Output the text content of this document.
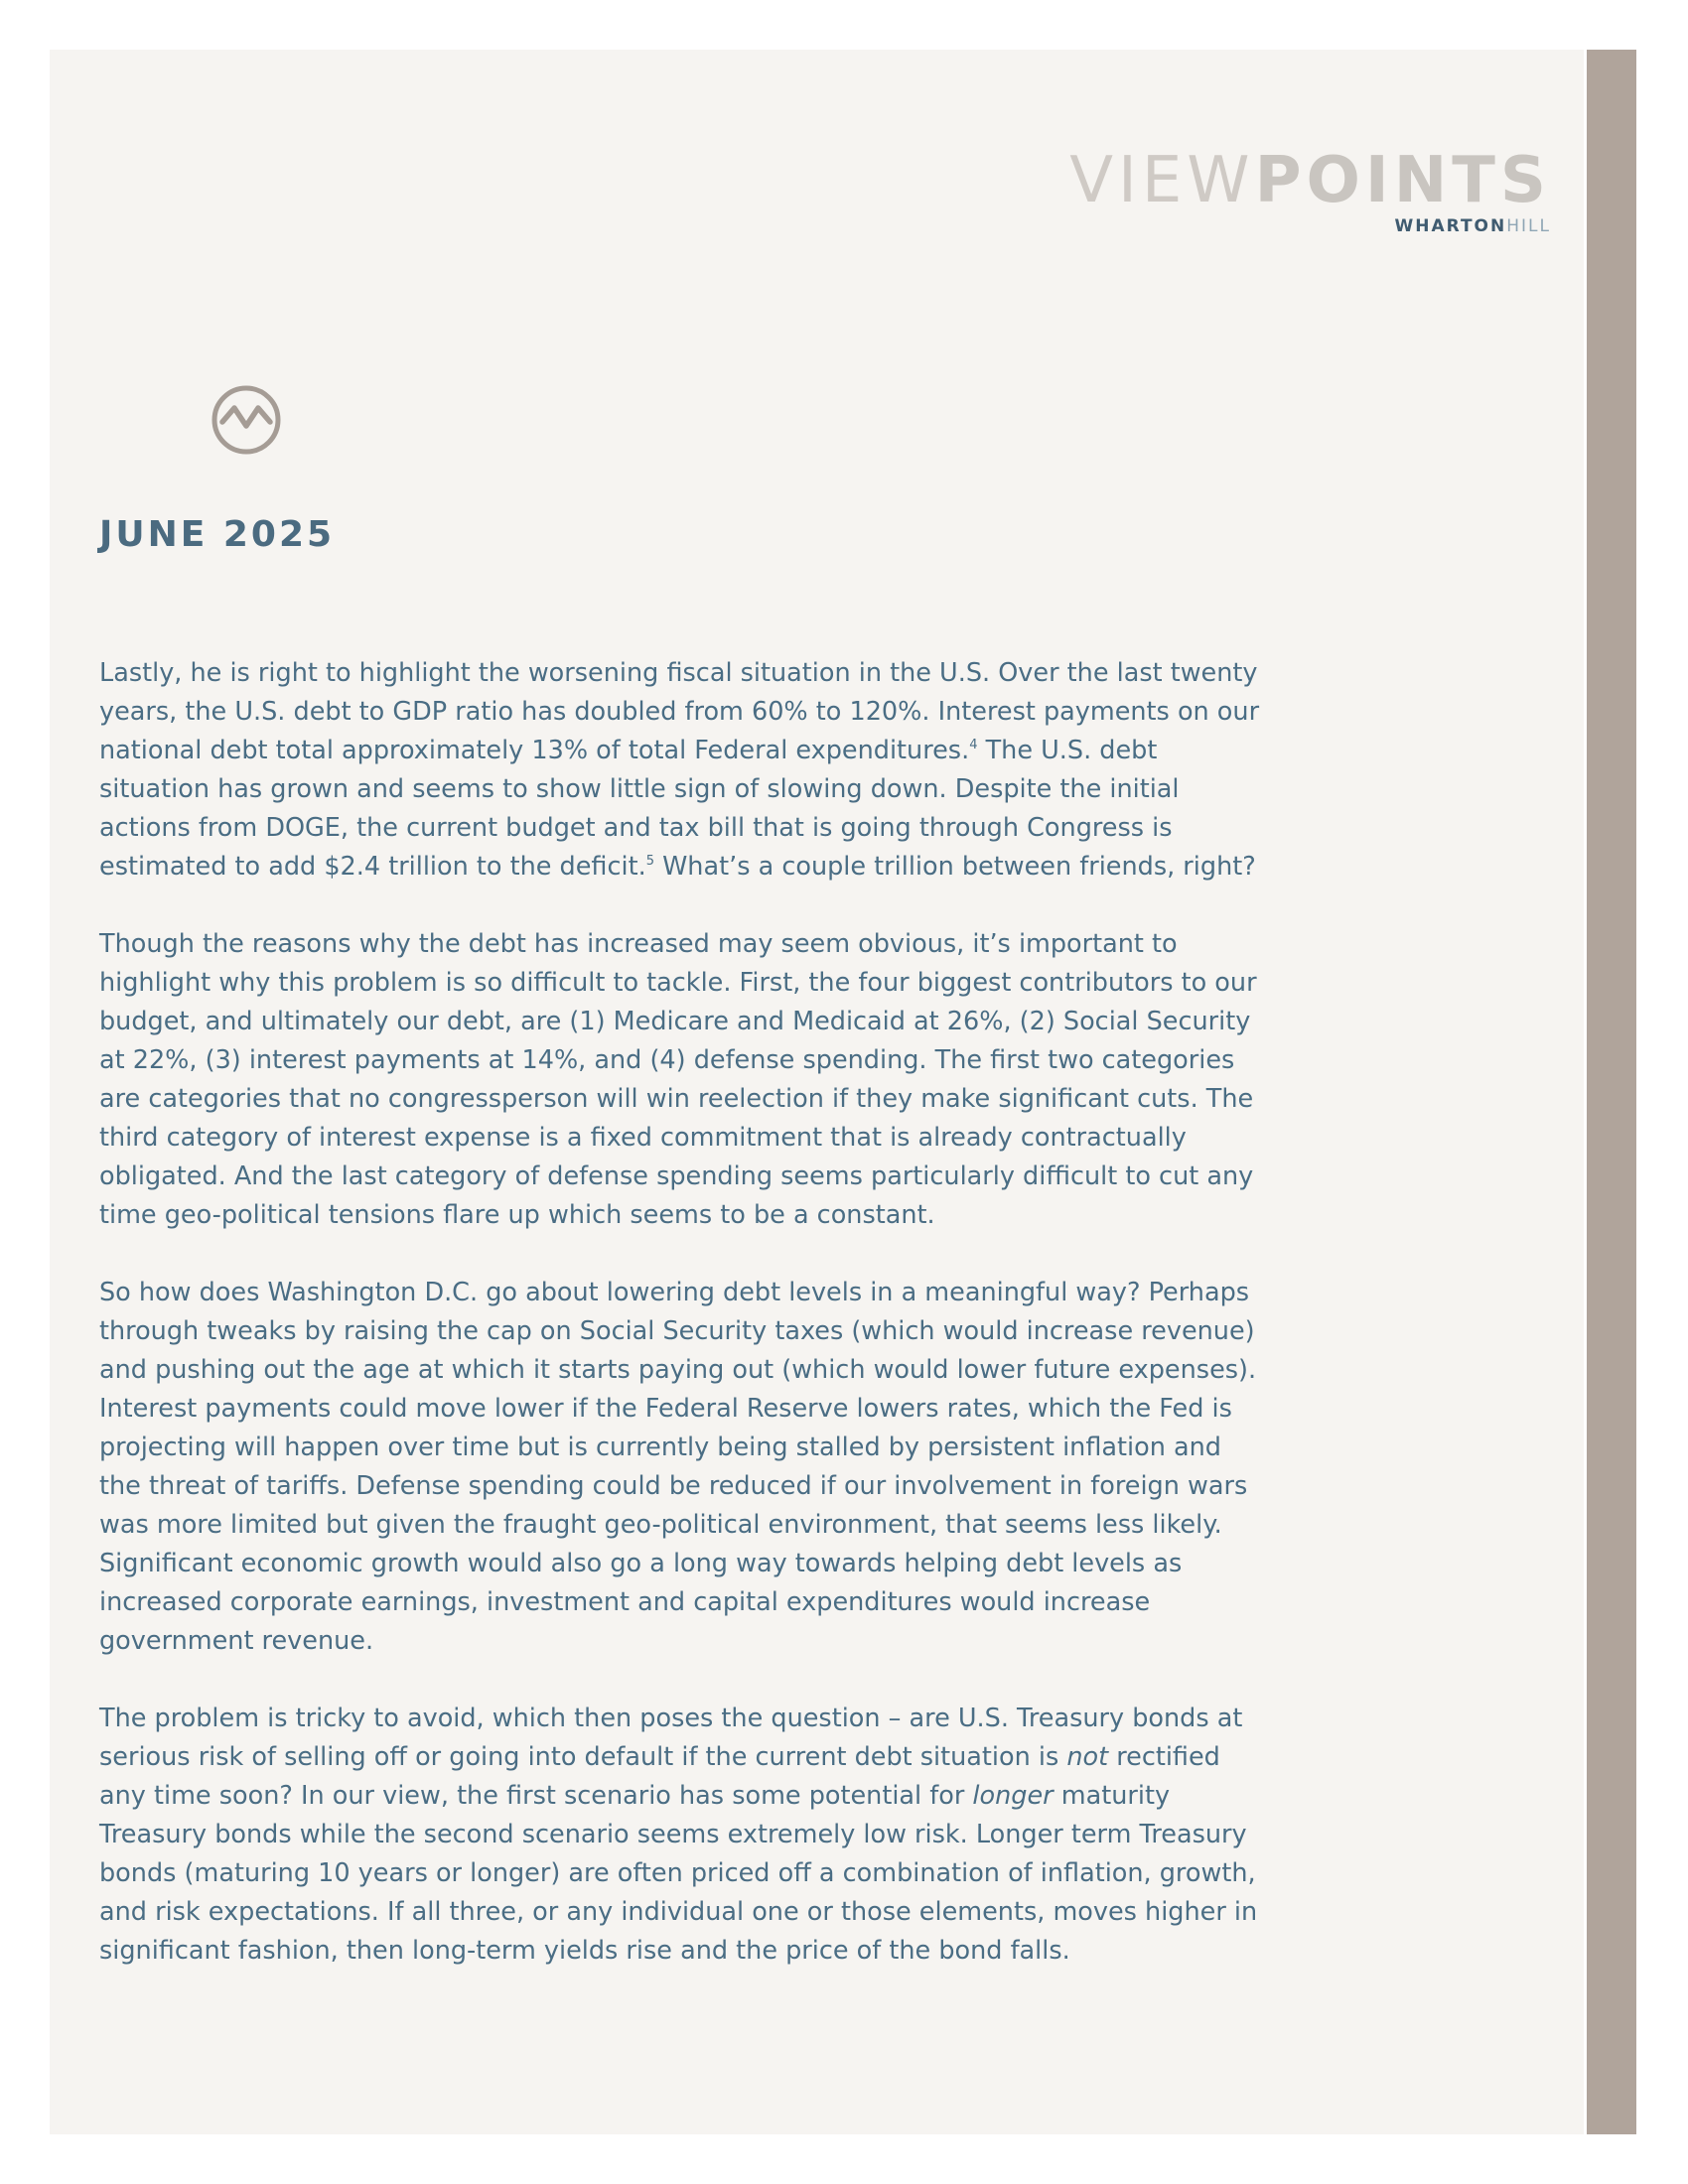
VIEWPOINTS
WHARTONHILL
JUNE 2025

Lastly, he is right to highlight the worsening fiscal situation in the U.S. Over the last twenty years, the U.S. debt to GDP ratio has doubled from 60% to 120%. Interest payments on our national debt total approximately 13% of total Federal expenditures.$^4$ The U.S. debt situation has grown and seems to show little sign of slowing down. Despite the initial actions from DOGE, the current budget and tax bill that is going through Congress is estimated to add $2.4 trillion to the deficit.$^5$ What’s a couple trillion between friends, right?

Though the reasons why the debt has increased may seem obvious, it’s important to highlight why this problem is so difficult to tackle. First, the four biggest contributors to our budget, and ultimately our debt, are (1) Medicare and Medicaid at 26%, (2) Social Security at 22%, (3) interest payments at 14%, and (4) defense spending. The first two categories are categories that no congressperson will win reelection if they make significant cuts. The third category of interest expense is a fixed commitment that is already contractually obligated. And the last category of defense spending seems particularly difficult to cut any time geo-political tensions flare up which seems to be a constant.

So how does Washington D.C. go about lowering debt levels in a meaningful way? Perhaps through tweaks by raising the cap on Social Security taxes (which would increase revenue) and pushing out the age at which it starts paying out (which would lower future expenses). Interest payments could move lower if the Federal Reserve lowers rates, which the Fed is projecting will happen over time but is currently being stalled by persistent inflation and the threat of tariffs. Defense spending could be reduced if our involvement in foreign wars was more limited but given the fraught geo-political environment, that seems less likely. Significant economic growth would also go a long way towards helping debt levels as increased corporate earnings, investment and capital expenditures would increase government revenue.

The problem is tricky to avoid, which then poses the question – are U.S. Treasury bonds at serious risk of selling off or going into default if the current debt situation is not rectified any time soon? In our view, the first scenario has some potential for longer maturity Treasury bonds while the second scenario seems extremely low risk. Longer term Treasury bonds (maturing 10 years or longer) are often priced off a combination of inflation, growth, and risk expectations. If all three, or any individual one or those elements, moves higher in significant fashion, then long-term yields rise and the price of the bond falls.
